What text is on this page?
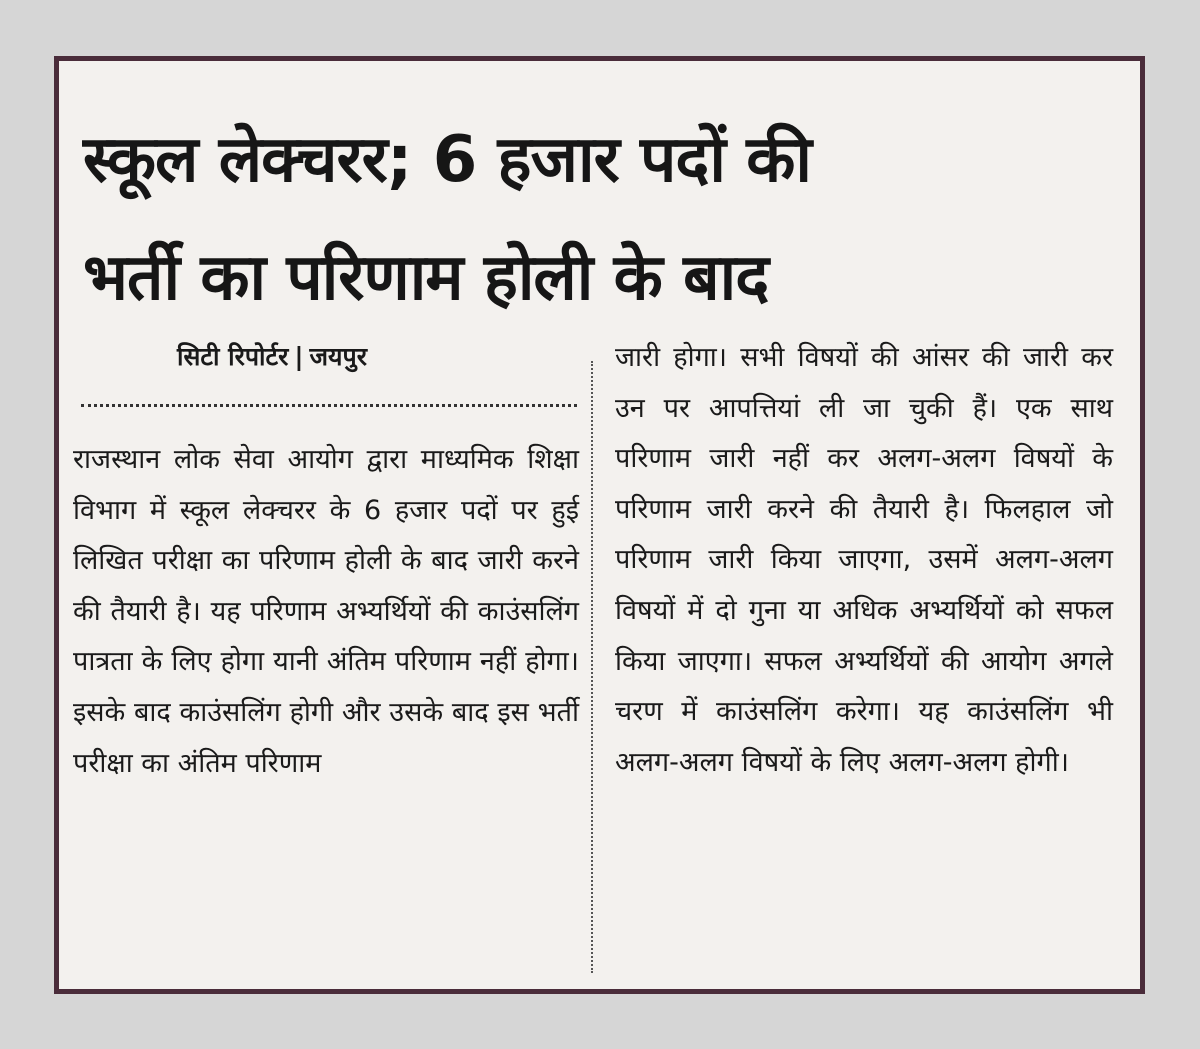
स्कूल लेक्चरर; 6 हजार पदों की
भर्ती का परिणाम होली के बाद
सिटी रिपोर्टर | जयपुर

राजस्थान लोक सेवा आयोग द्वारा माध्यमिक शिक्षा विभाग में स्कूल लेक्चरर के 6 हजार पदों पर हुई लिखित परीक्षा का परिणाम होली के बाद जारी करने की तैयारी है। यह परिणाम अभ्यर्थियों की काउंसलिंग पात्रता के लिए होगा यानी अंतिम परिणाम नहीं होगा। इसके बाद काउंसलिंग होगी और उसके बाद इस भर्ती परीक्षा का अंतिम परिणाम

जारी होगा। सभी विषयों की आंसर की जारी कर उन पर आपत्तियां ली जा चुकी हैं। एक साथ परिणाम जारी नहीं कर अलग-अलग विषयों के परिणाम जारी करने की तैयारी है। फिलहाल जो परिणाम जारी किया जाएगा, उसमें अलग-अलग विषयों में दो गुना या अधिक अभ्यर्थियों को सफल किया जाएगा। सफल अभ्यर्थियों की आयोग अगले चरण में काउंसलिंग करेगा। यह काउंसलिंग भी अलग-अलग विषयों के लिए अलग-अलग होगी।
